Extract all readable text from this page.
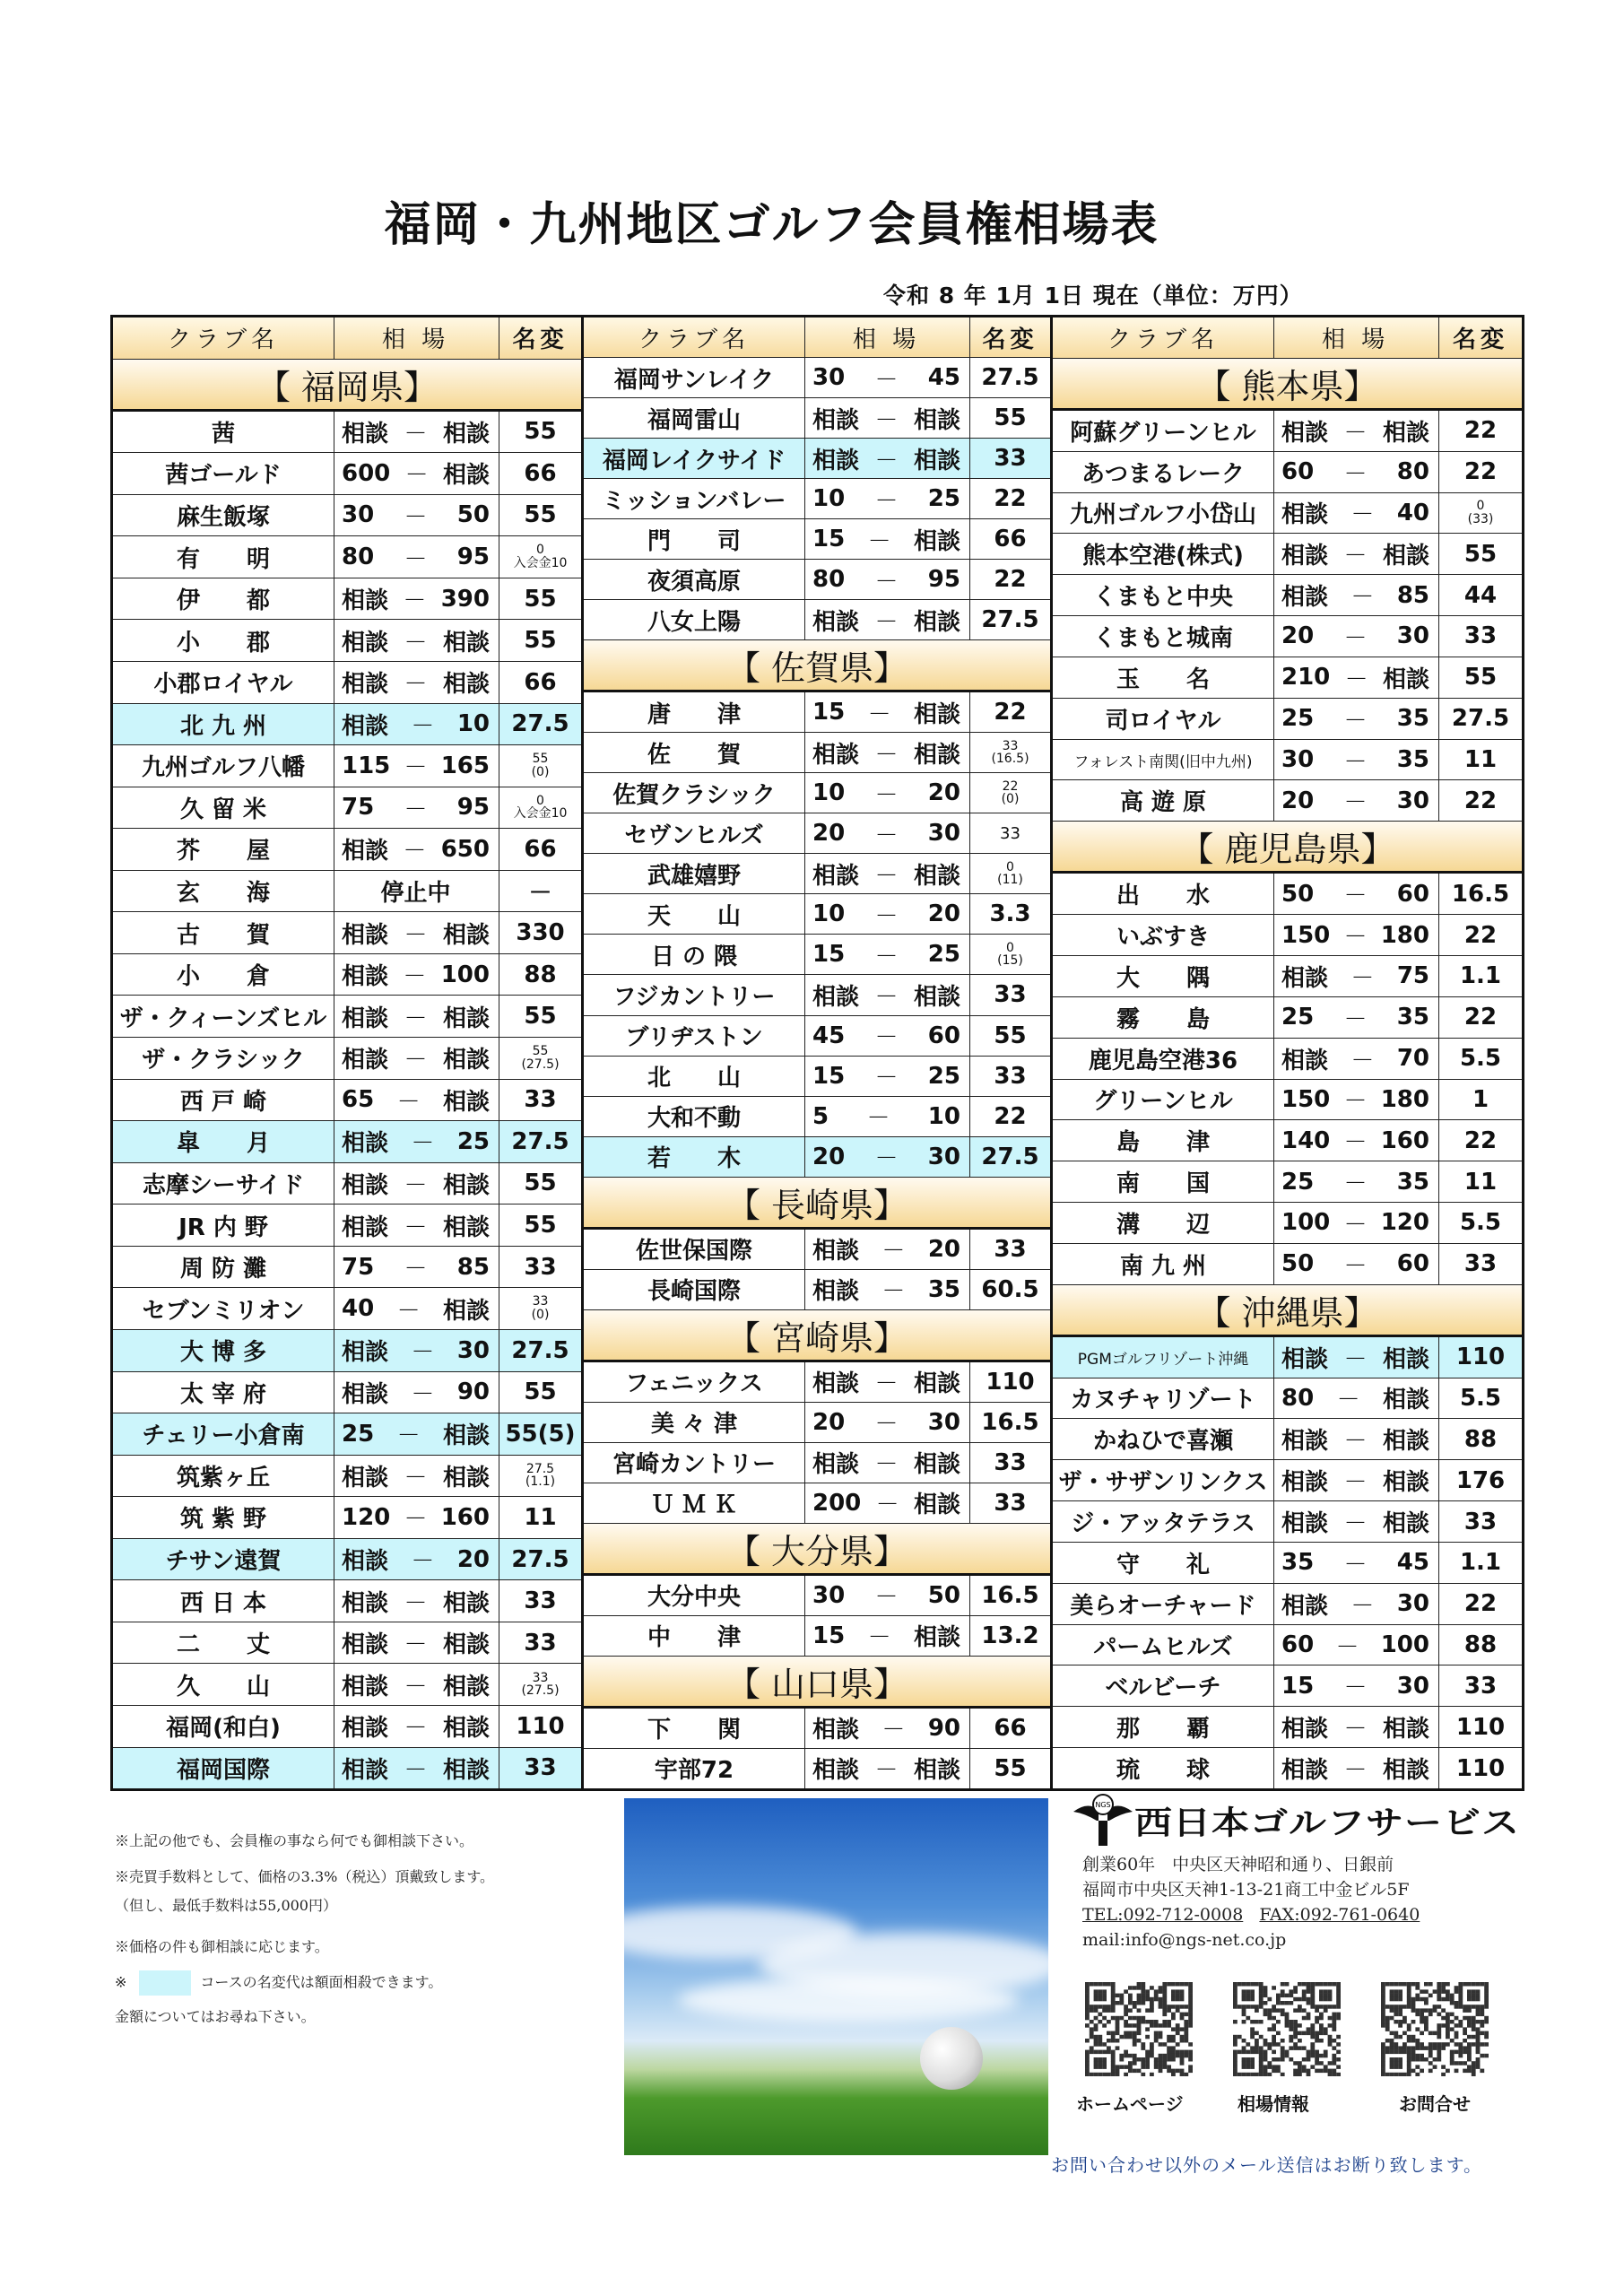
福岡・九州地区ゴルフ会員権相場表
令和 8 年 1月 1日 現在（単位：万円）
クラブ名	相 場	名変
【 福岡県】
茜	相談 － 相談 55
茜ゴールド	600 － 相談 66
麻生飯塚	30 － 50 55
有　　明	80 － 95	0
入会金10
伊　　都	相談 － 390 55
小　　郡	相談 － 相談 55
小郡ロイヤル	相談 － 相談 66
北 九 州	相談 － 10 27.5
九州ゴルフ八幡	115 － 165	55
(0)
久 留 米	75 － 95	0
入会金10
芥　　屋	相談 － 650 66
玄　　海	停止中	－
古　　賀	相談 － 相談 330
小　　倉	相談 － 100 88
ザ・クィーンズヒル 相談 － 相談 55
ザ・クラシック	相談 － 相談	55
(27.5)
西 戸 崎	65 － 相談 33
皐　　月	相談 － 25 27.5
志摩シーサイド	相談 － 相談 55
JR 内 野	相談 － 相談 55
周 防 灘	75 － 85 33
セブンミリオン	40 － 相談	33
(0)
大 博 多	相談 － 30 27.5
太 宰 府	相談 － 90 55
チェリー小倉南	25 － 相談 55(5)
筑紫ヶ丘	相談 － 相談	27.5
(1.1)
筑 紫 野	120 － 160 11
チサン遠賀	相談 － 20 27.5
西 日 本	相談 － 相談 33
二　　丈	相談 － 相談 33
久　　山	相談 － 相談	33
(27.5)
福岡(和白)	相談 － 相談 110
福岡国際	相談 － 相談 33
クラブ名	相 場	名変
福岡サンレイク	30 － 45 27.5
福岡雷山	相談 － 相談 55
福岡レイクサイド	相談 － 相談 33
ミッションバレー	10 － 25 22
門　　司	15 － 相談 66
夜須高原	80 － 95 22
八女上陽	相談 － 相談 27.5
【 佐賀県】
唐　　津	15 － 相談 22
佐　　賀	相談 － 相談	33
(16.5)
佐賀クラシック	10 － 20	22
(0)
セヴンヒルズ	20 － 30 33
武雄嬉野	相談 － 相談	0
(11)
天　　山	10 － 20 3.3
日 の 隈	15 － 25	0
(15)
フジカントリー	相談 － 相談 33
ブリヂストン	45 － 60 55
北　　山	15 － 25 33
大和不動	5 － 10 22
若　　木	20 － 30 27.5
【 長崎県】
佐世保国際	相談 － 20 33
長崎国際	相談 － 35 60.5
【 宮崎県】
フェニックス	相談 － 相談 110
美 々 津	20 － 30 16.5
宮崎カントリー	相談 － 相談 33
Ｕ Ｍ Ｋ	200 － 相談 33
【 大分県】
大分中央	30 － 50 16.5
中　　津	15 － 相談 13.2
【 山口県】
下　　関	相談 － 90 66
宇部72	相談 － 相談 55
クラブ名	相 場	名変
【 熊本県】
阿蘇グリーンヒル	相談 － 相談 22
あつまるレーク	60 － 80 22
九州ゴルフ小岱山	相談 － 40	0
(33)
熊本空港(株式)	相談 － 相談 55
くまもと中央	相談 － 85 44
くまもと城南	20 － 30 33
玉　　名	210 － 相談 55
司ロイヤル	25 － 35 27.5
フォレスト南関(旧中九州)	30 － 35 11
高 遊 原	20 － 30 22
【 鹿児島県】
出　　水	50 － 60 16.5
いぶすき	150 － 180 22
大　　隅	相談 － 75 1.1
霧　　島	25 － 35 22
鹿児島空港36	相談 － 70 5.5
グリーンヒル	150 － 180 1
島　　津	140 － 160 22
南　　国	25 － 35 11
溝　　辺	100 － 120 5.5
南 九 州	50 － 60 33
【 沖縄県】
PGMゴルフリゾート沖縄	相談 － 相談 110
カヌチャリゾート	80 － 相談 5.5
かねひで喜瀬	相談 － 相談 88
ザ・サザンリンクス 相談 － 相談 176
ジ・アッタテラス	相談 － 相談 33
守　　礼	35 － 45 1.1
美らオーチャード	相談 － 30 22
パームヒルズ	60 － 100 88
ベルビーチ	15 － 30 33
那　　覇	相談 － 相談 110
琉　　球	相談 － 相談 110
※上記の他でも、会員権の事なら何でも御相談下さい。
※売買手数料として、価格の3.3%（税込）頂戴致します。
（但し、最低手数料は55,000円）
※価格の件も御相談に応じます。
※	コースの名変代は額面相殺できます。
金額についてはお尋ね下さい。
NGS 西日本ゴルフサービス
創業60年　中央区天神昭和通り、日銀前
福岡市中央区天神1-13-21商工中金ビル5F
TEL:092-712-0008 FAX:092-761-0640
mail:info@ngs-net.co.jp
ホームページ	相場情報	お問合せ
お問い合わせ以外のメール送信はお断り致します。
